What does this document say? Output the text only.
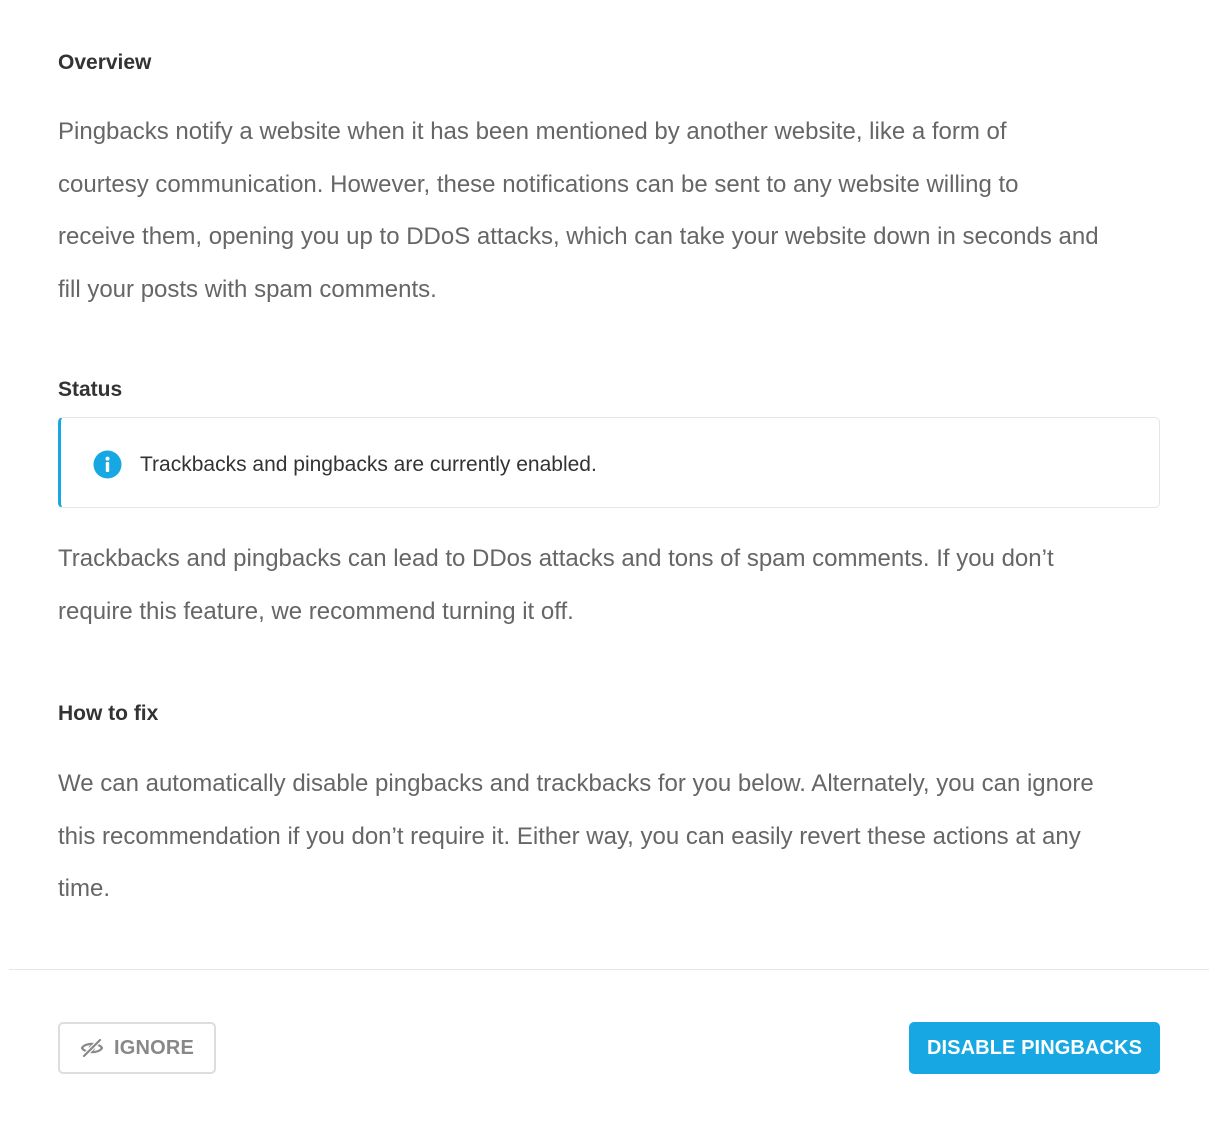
Overview
Pingbacks notify a website when it has been mentioned by another website, like a form of
courtesy communication. However, these notifications can be sent to any website willing to
receive them, opening you up to DDoS attacks, which can take your website down in seconds and
fill your posts with spam comments.
Status
Trackbacks and pingbacks are currently enabled.
Trackbacks and pingbacks can lead to DDos attacks and tons of spam comments. If you don’t
require this feature, we recommend turning it off.
How to fix
We can automatically disable pingbacks and trackbacks for you below. Alternately, you can ignore
this recommendation if you don’t require it. Either way, you can easily revert these actions at any
time.
IGNORE	DISABLE PINGBACKS
